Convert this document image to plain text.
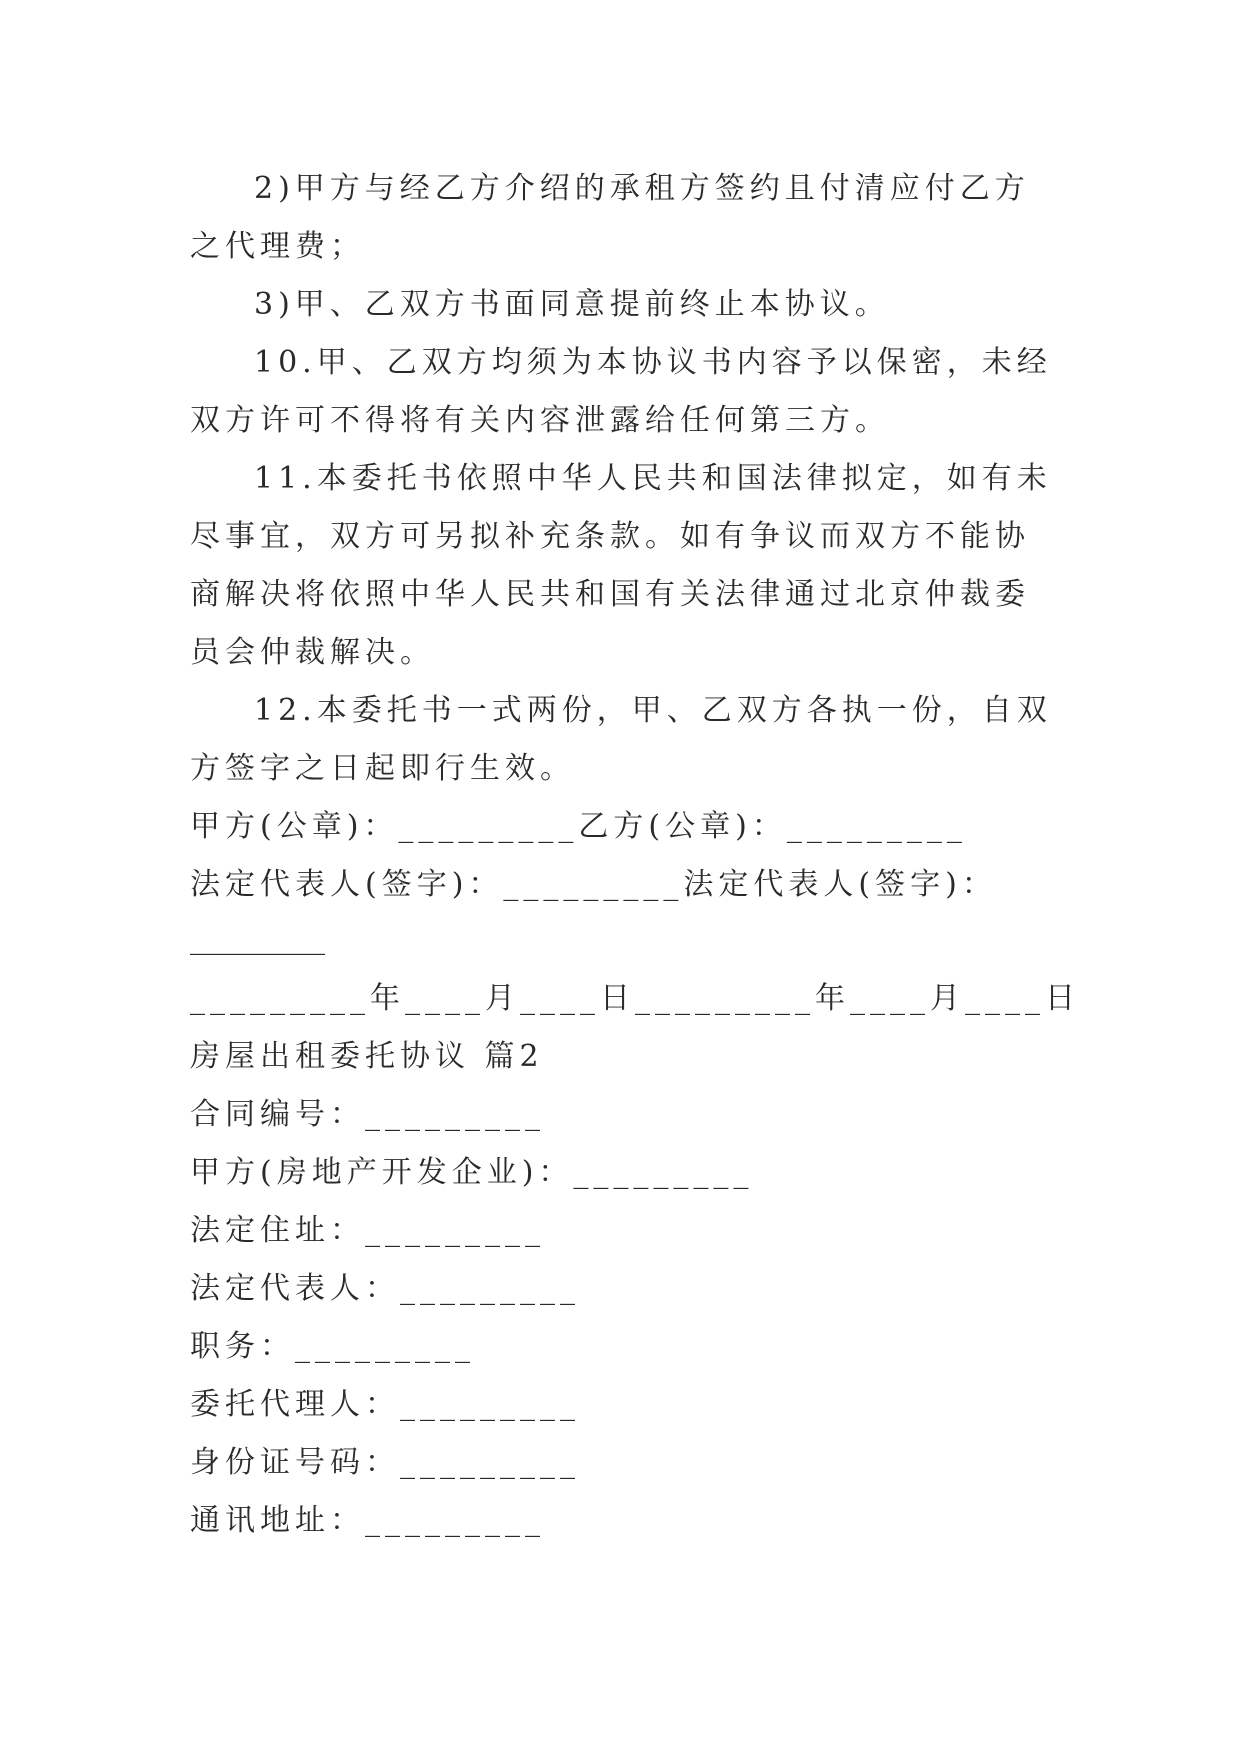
2)甲方与经乙方介绍的承租方签约且付清应付乙方之代理费；

3)甲、乙双方书面同意提前终止本协议。

10.甲、乙双方均须为本协议书内容予以保密，未经双方许可不得将有关内容泄露给任何第三方。

11.本委托书依照中华人民共和国法律拟定，如有未尽事宜，双方可另拟补充条款。如有争议而双方不能协商解决将依照中华人民共和国有关法律通过北京仲裁委员会仲裁解决。

12.本委托书一式两份，甲、乙双方各执一份，自双方签字之日起即行生效。

甲方(公章)：_________乙方(公章)：_________

法定代表人(签字)：_________法定代表人(签字)：

_________

_________年____月____日_________年____月____日

房屋出租委托协议 篇2

合同编号：_________

甲方(房地产开发企业)：_________

法定住址：_________

法定代表人：_________

职务：_________

委托代理人：_________

身份证号码：_________

通讯地址：_________
